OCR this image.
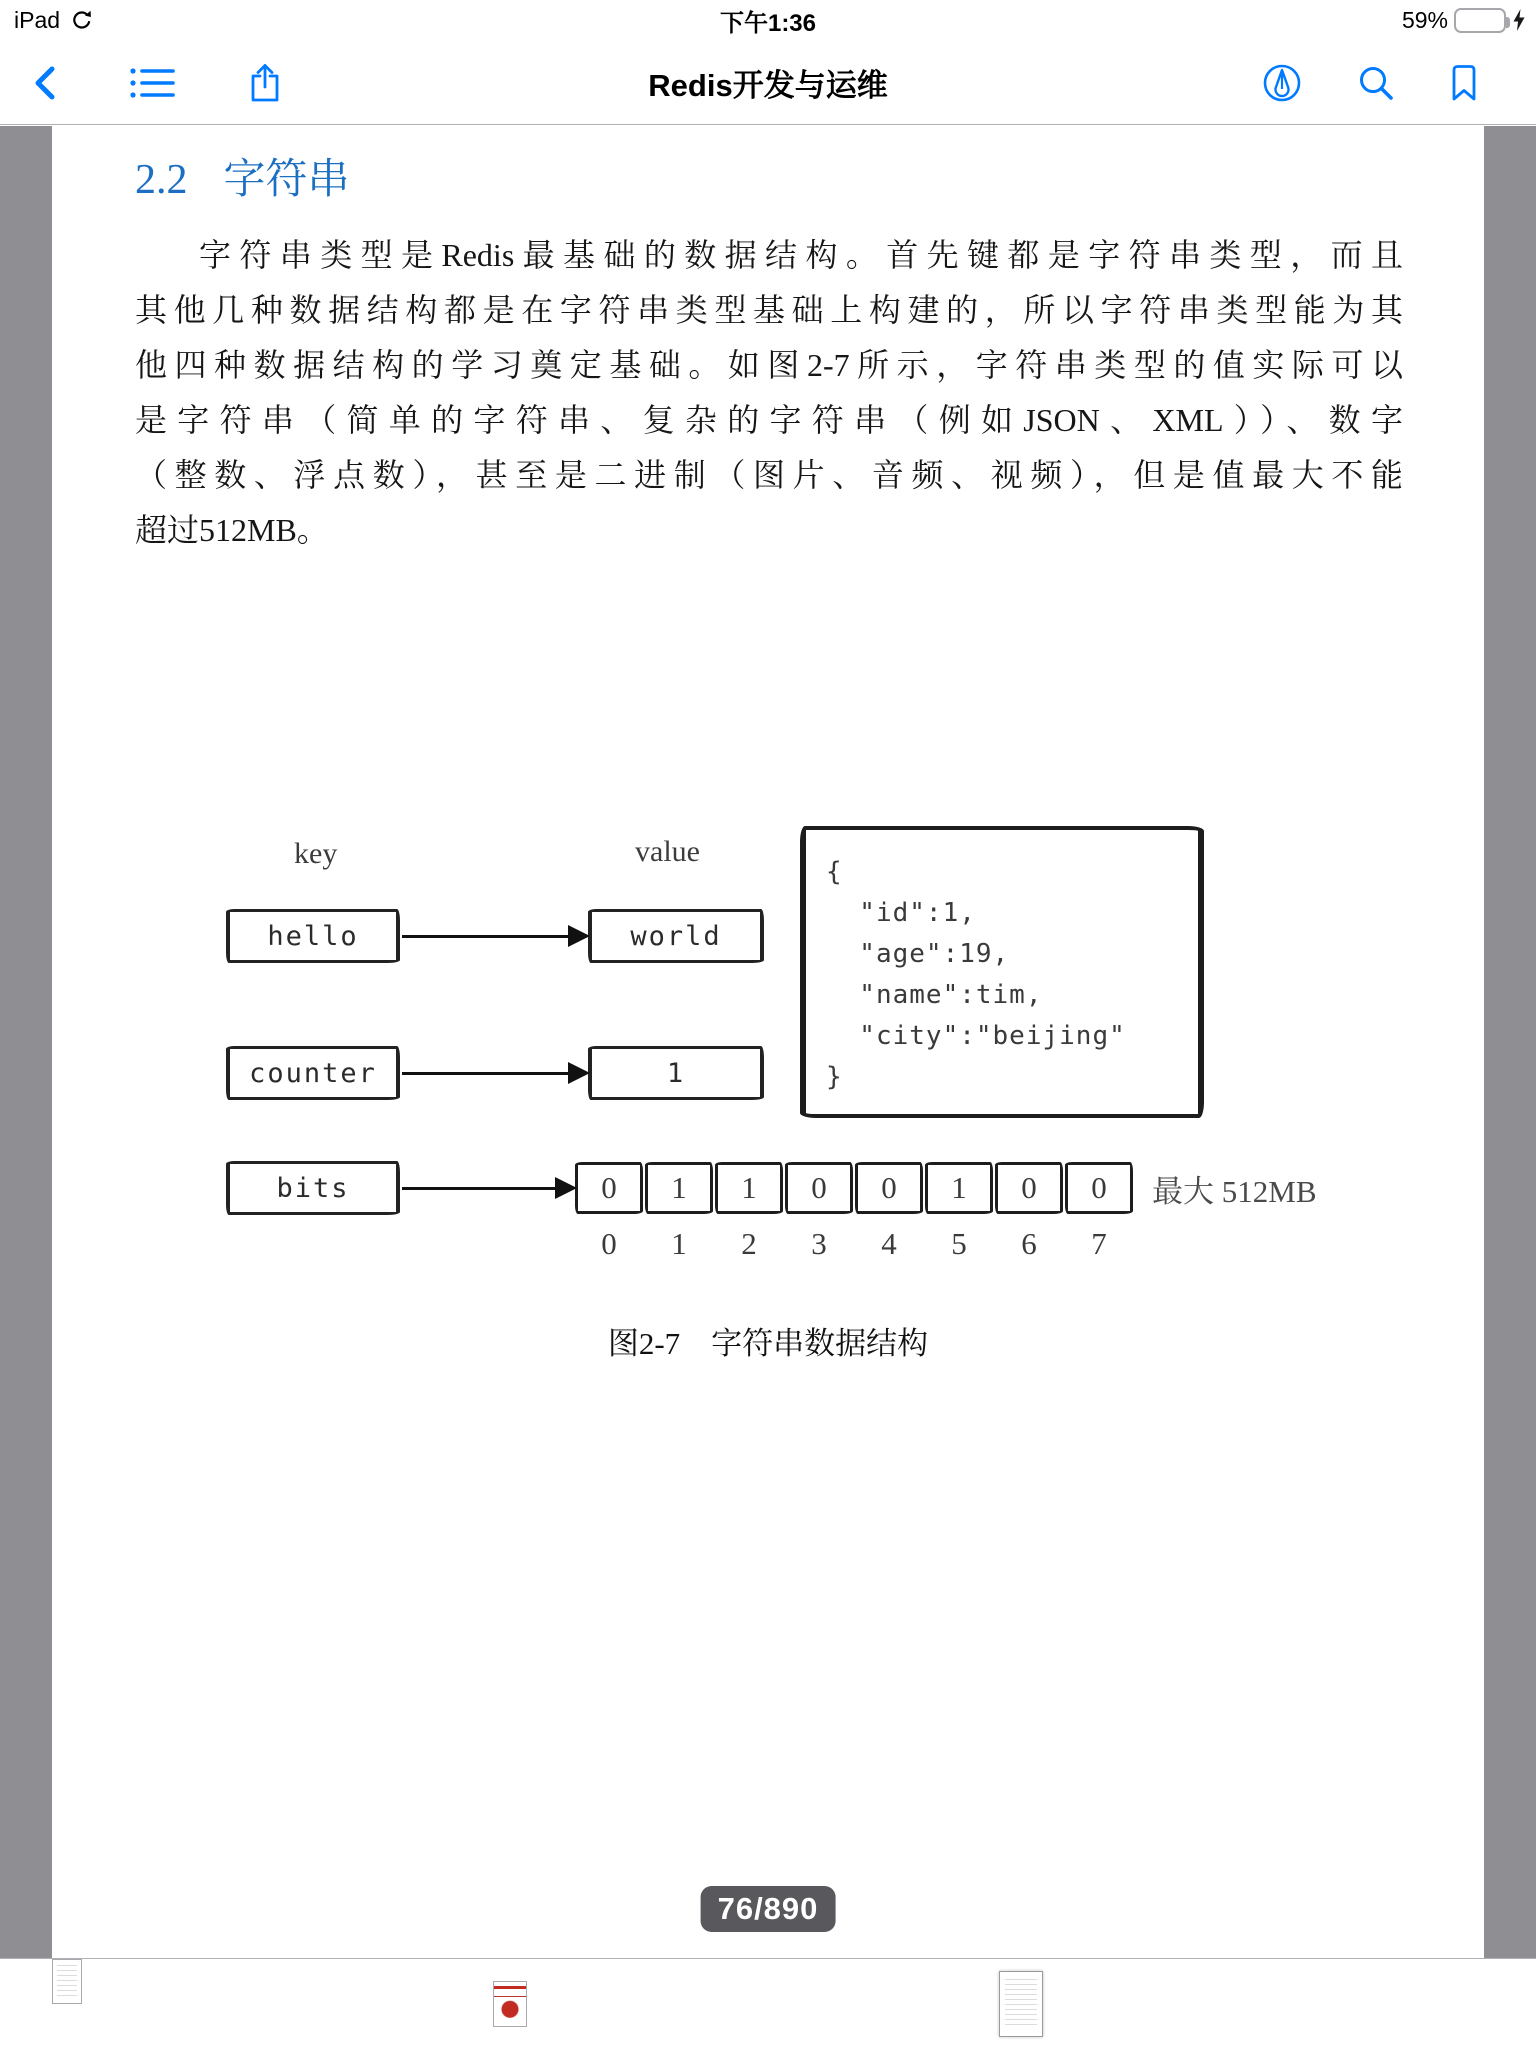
iPad	下午1:36	59%
Redis开发与运维
2.2 字符串
字符串类型是Redis最基础的数据结构。首先键都是字符串类型，而且
其他几种数据结构都是在字符串类型基础上构建的，所以字符串类型能为其
他四种数据结构的学习奠定基础。如图2-7所示，字符串类型的值实际可以
是字符串（简单的字符串、复杂的字符串（例如JSON、XML））、数字
（整数、浮点数），甚至是二进制（图片、音频、视频），但是值最大不能
超过512MB。
key	value
hello	world
counter	1
{
"id":1,
"age":19,
"name":tim,
"city":"beijing"
}
bits	0	1	1	0	0	1	0	0
0	1	2	3	4	5	6	7
最大 512MB
图2-7　字符串数据结构
76/890
